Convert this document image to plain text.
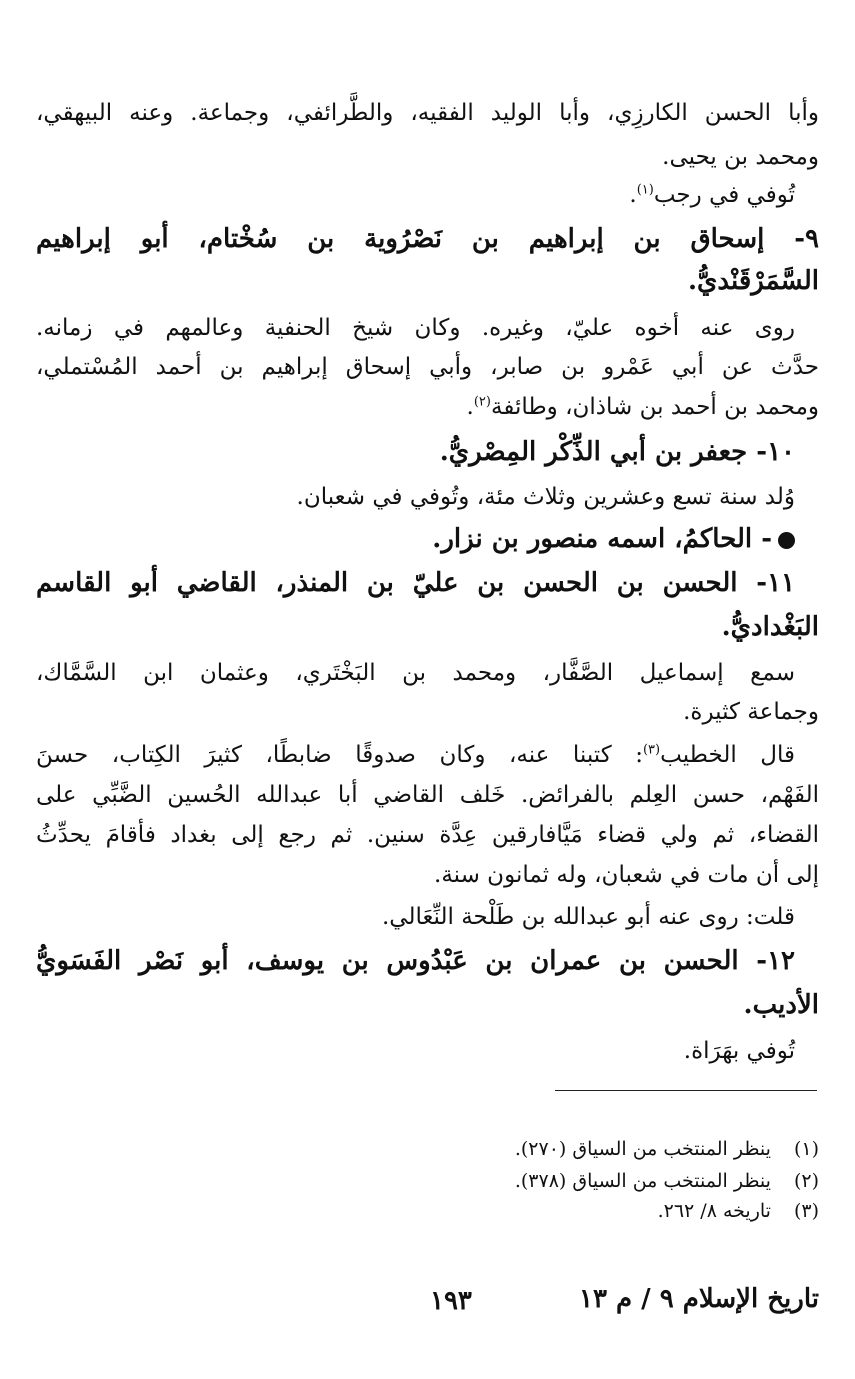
وأبا الحسن الكارزِي، وأبا الوليد الفقيه، والطَّرائفي، وجماعة. وعنه البيهقي،
ومحمد بن يحيى.
تُوفي في رجب$^{(١)}$.
٩- إسحاق بن إبراهيم بن نَصْرُوية بن سُخْتام، أبو إبراهيم
السَّمَرْقَنْديُّ.
روى عنه أخوه عليّ، وغيره. وكان شيخ الحنفية وعالمهم في زمانه.
حدَّث عن أبي عَمْرو بن صابر، وأبي إسحاق إبراهيم بن أحمد المُسْتملي،
ومحمد بن أحمد بن شاذان، وطائفة$^{(٢)}$.
١٠- جعفر بن أبي الذِّكْر المِصْريُّ.
وُلد سنة تسع وعشرين وثلاث مئة، وتُوفي في شعبان.
- الحاكمُ، اسمه منصور بن نزار.
١١- الحسن بن الحسن بن عليّ بن المنذر، القاضي أبو القاسم
البَغْداديُّ.
سمع إسماعيل الصَّفَّار، ومحمد بن البَخْتَري، وعثمان ابن السَّمَّاك،
وجماعة كثيرة.
قال الخطيب$^{(٣)}$: كتبنا عنه، وكان صدوقًا ضابطًا، كثيرَ الكِتاب، حسنَ
الفَهْم، حسن العِلم بالفرائض. خَلف القاضي أبا عبدالله الحُسين الضَّبِّي على
القضاء، ثم ولي قضاء مَيَّافارقين عِدَّة سنين. ثم رجع إلى بغداد فأقامَ يحدِّثُ
إلى أن مات في شعبان، وله ثمانون سنة.
قلت: روى عنه أبو عبدالله بن طَلْحة النِّعَالي.
١٢- الحسن بن عمران بن عَبْدُوس بن يوسف، أبو نَصْر الفَسَويُّ
الأديب.
تُوفي بهَرَاة.
(١) ينظر المنتخب من السياق (٢٧٠).
(٢) ينظر المنتخب من السياق (٣٧٨).
(٣) تاريخه ٨/ ٢٦٢.
تاريخ الإسلام ٩ / م ١٣
١٩٣
